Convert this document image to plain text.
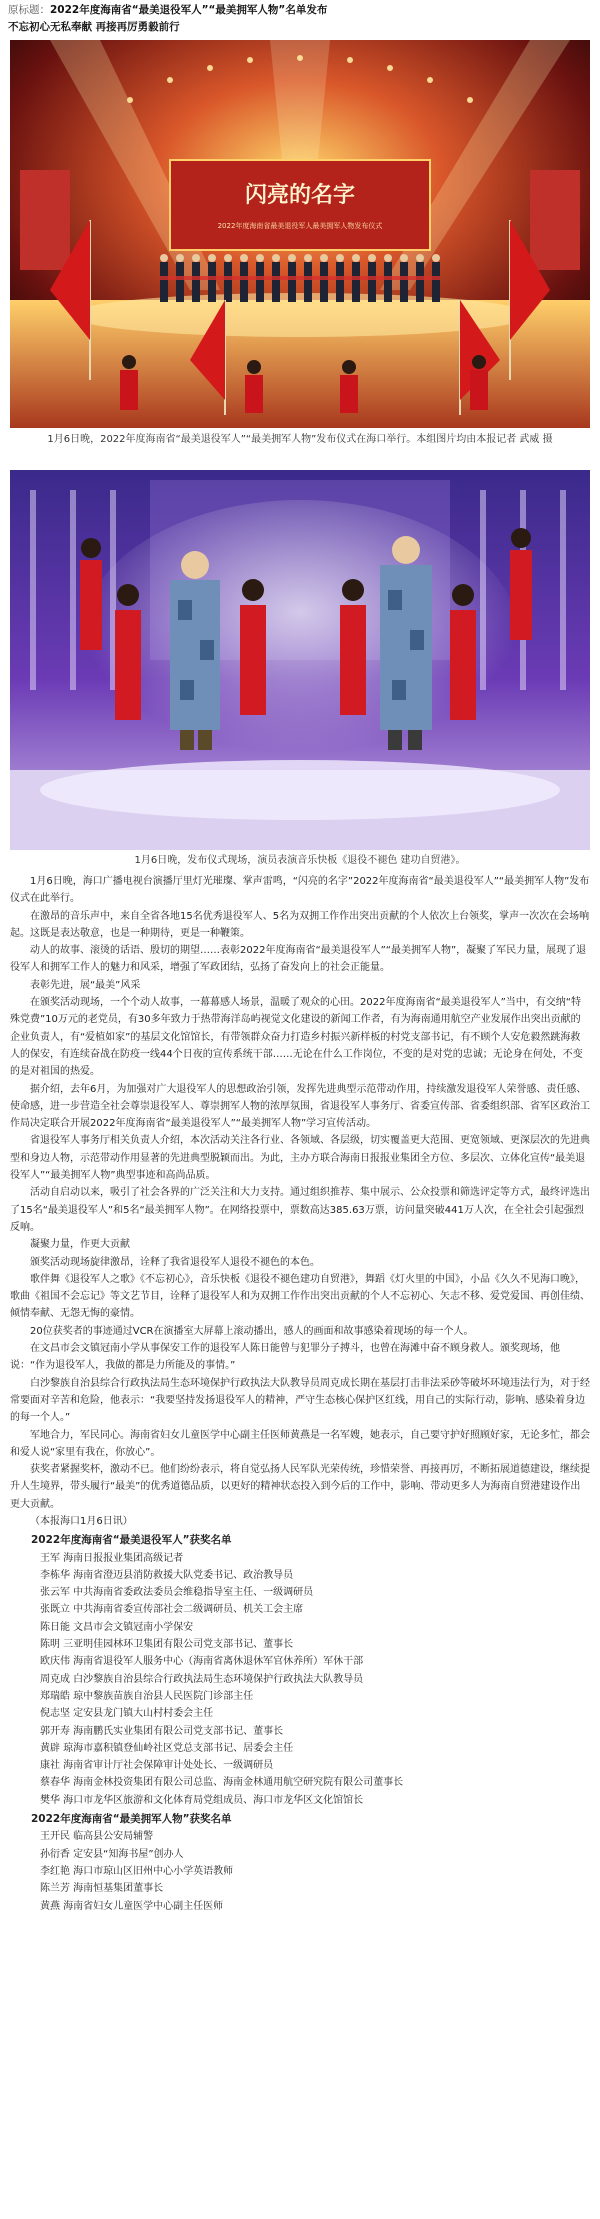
原标题：2022年度海南省“最美退役军人”“最美拥军人物”名单发布
不忘初心无私奉献 再接再厉勇毅前行
闪亮的名字
2022年度海南省最美退役军人最美拥军人物发布仪式
1月6日晚，2022年度海南省“最美退役军人”“最美拥军人物”发布仪式在海口举行。本组图片均由本报记者 武威 摄
1月6日晚，发布仪式现场，演员表演音乐快板《退役不褪色 建功自贸港》。

1月6日晚，海口广播电视台演播厅里灯光璀璨、掌声雷鸣，“闪亮的名字”2022年度海南省“最美退役军人”“最美拥军人物”发布仪式在此举行。

在激昂的音乐声中，来自全省各地15名优秀退役军人、5名为双拥工作作出突出贡献的个人依次上台领奖，掌声一次次在会场响起。这既是表达敬意，也是一种期待，更是一种鞭策。

动人的故事、滚烫的话语、殷切的期望……表彰2022年度海南省“最美退役军人”“最美拥军人物”，凝聚了军民力量，展现了退役军人和拥军工作人的魅力和风采，增强了军政团结，弘扬了奋发向上的社会正能量。

表彰先进，展“最美”风采

在颁奖活动现场，一个个动人故事，一幕幕感人场景，温暖了观众的心田。2022年度海南省“最美退役军人”当中，有交纳“特殊党费”10万元的老党员，有30多年致力于热带海洋岛屿视觉文化建设的新闻工作者，有为海南通用航空产业发展作出突出贡献的企业负责人，有“爱植如家”的基层文化馆馆长，有带领群众奋力打造乡村振兴新样板的村党支部书记，有不顾个人安危毅然跳海救人的保安，有连续奋战在防疫一线44个日夜的宣传系统干部……无论在什么工作岗位，不变的是对党的忠诚；无论身在何处，不变的是对祖国的热爱。

据介绍，去年6月，为加强对广大退役军人的思想政治引领，发挥先进典型示范带动作用，持续激发退役军人荣誉感、责任感、使命感，进一步营造全社会尊崇退役军人、尊崇拥军人物的浓厚氛围，省退役军人事务厅、省委宣传部、省委组织部、省军区政治工作局决定联合开展2022年度海南省“最美退役军人”“最美拥军人物”学习宣传活动。

省退役军人事务厅相关负责人介绍，本次活动关注各行业、各领域、各层级，切实覆盖更大范围、更宽领域、更深层次的先进典型和身边人物，示范带动作用显著的先进典型脱颖而出。为此，主办方联合海南日报报业集团全方位、多层次、立体化宣传“最美退役军人”“最美拥军人物”典型事迹和高尚品质。

活动自启动以来，吸引了社会各界的广泛关注和大力支持。通过组织推荐、集中展示、公众投票和筛选评定等方式，最终评选出了15名“最美退役军人”和5名“最美拥军人物”。在网络投票中，票数高达385.63万票，访问量突破441万人次，在全社会引起强烈反响。

凝聚力量，作更大贡献

颁奖活动现场旋律激昂，诠释了我省退役军人退役不褪色的本色。

歌伴舞《退役军人之歌》《不忘初心》，音乐快板《退役不褪色建功自贸港》，舞蹈《灯火里的中国》，小品《久久不见海口晚》，歌曲《祖国不会忘记》等文艺节目，诠释了退役军人和为双拥工作作出突出贡献的个人不忘初心、矢志不移、爱党爱国、再创佳绩、倾情奉献、无怨无悔的豪情。

20位获奖者的事迹通过VCR在演播室大屏幕上滚动播出，感人的画面和故事感染着现场的每一个人。

在文昌市会文镇冠南小学从事保安工作的退役军人陈日能曾与犯罪分子搏斗，也曾在海滩中奋不顾身救人。颁奖现场，他说：“作为退役军人，我做的都是力所能及的事情。”

白沙黎族自治县综合行政执法局生态环境保护行政执法大队教导员周克成长期在基层打击非法采砂等破坏环境违法行为，对于经常要面对辛苦和危险，他表示：“我要坚持发扬退役军人的精神，严守生态核心保护区红线，用自己的实际行动，影响、感染着身边的每一个人。”

军地合力，军民同心。海南省妇女儿童医学中心副主任医师黄燕是一名军嫂，她表示，自己要守护好照顾好家，无论多忙，都会和爱人说“家里有我在，你放心”。

获奖者紧握奖杯，激动不已。他们纷纷表示，将自觉弘扬人民军队光荣传统，珍惜荣誉、再接再厉，不断拓展道德建设，继续提升人生境界，带头履行“最美”的优秀道德品质，以更好的精神状态投入到今后的工作中，影响、带动更多人为海南自贸港建设作出更大贡献。

（本报海口1月6日讯）

2022年度海南省“最美退役军人”获奖名单

王军 海南日报报业集团高级记者

李栋华 海南省澄迈县消防救援大队党委书记、政治教导员

张云军 中共海南省委政法委员会维稳指导室主任、一级调研员

张既立 中共海南省委宣传部社会二级调研员、机关工会主席

陈日能 文昌市会文镇冠南小学保安

陈明 三亚明佳园林环卫集团有限公司党支部书记、董事长

欧庆伟 海南省退役军人服务中心（海南省离休退休军官休养所）军休干部

周克成 白沙黎族自治县综合行政执法局生态环境保护行政执法大队教导员

郑瑞皓 琼中黎族苗族自治县人民医院门诊部主任

倪志坚 定安县龙门镇大山村村委会主任

郭开寿 海南鹏氏实业集团有限公司党支部书记、董事长

黄辟 琼海市嘉积镇登仙岭社区党总支部书记、居委会主任

康社 海南省审计厅社会保障审计处处长、一级调研员

蔡春华 海南金林投资集团有限公司总监、海南金林通用航空研究院有限公司董事长

樊华 海口市龙华区旅游和文化体育局党组成员、海口市龙华区文化馆馆长

2022年度海南省“最美拥军人物”获奖名单

王开民 临高县公安局辅警

孙衍香 定安县“知海书屋”创办人

李红艳 海口市琼山区旧州中心小学英语教师

陈兰芳 海南恒基集团董事长

黄燕 海南省妇女儿童医学中心副主任医师
